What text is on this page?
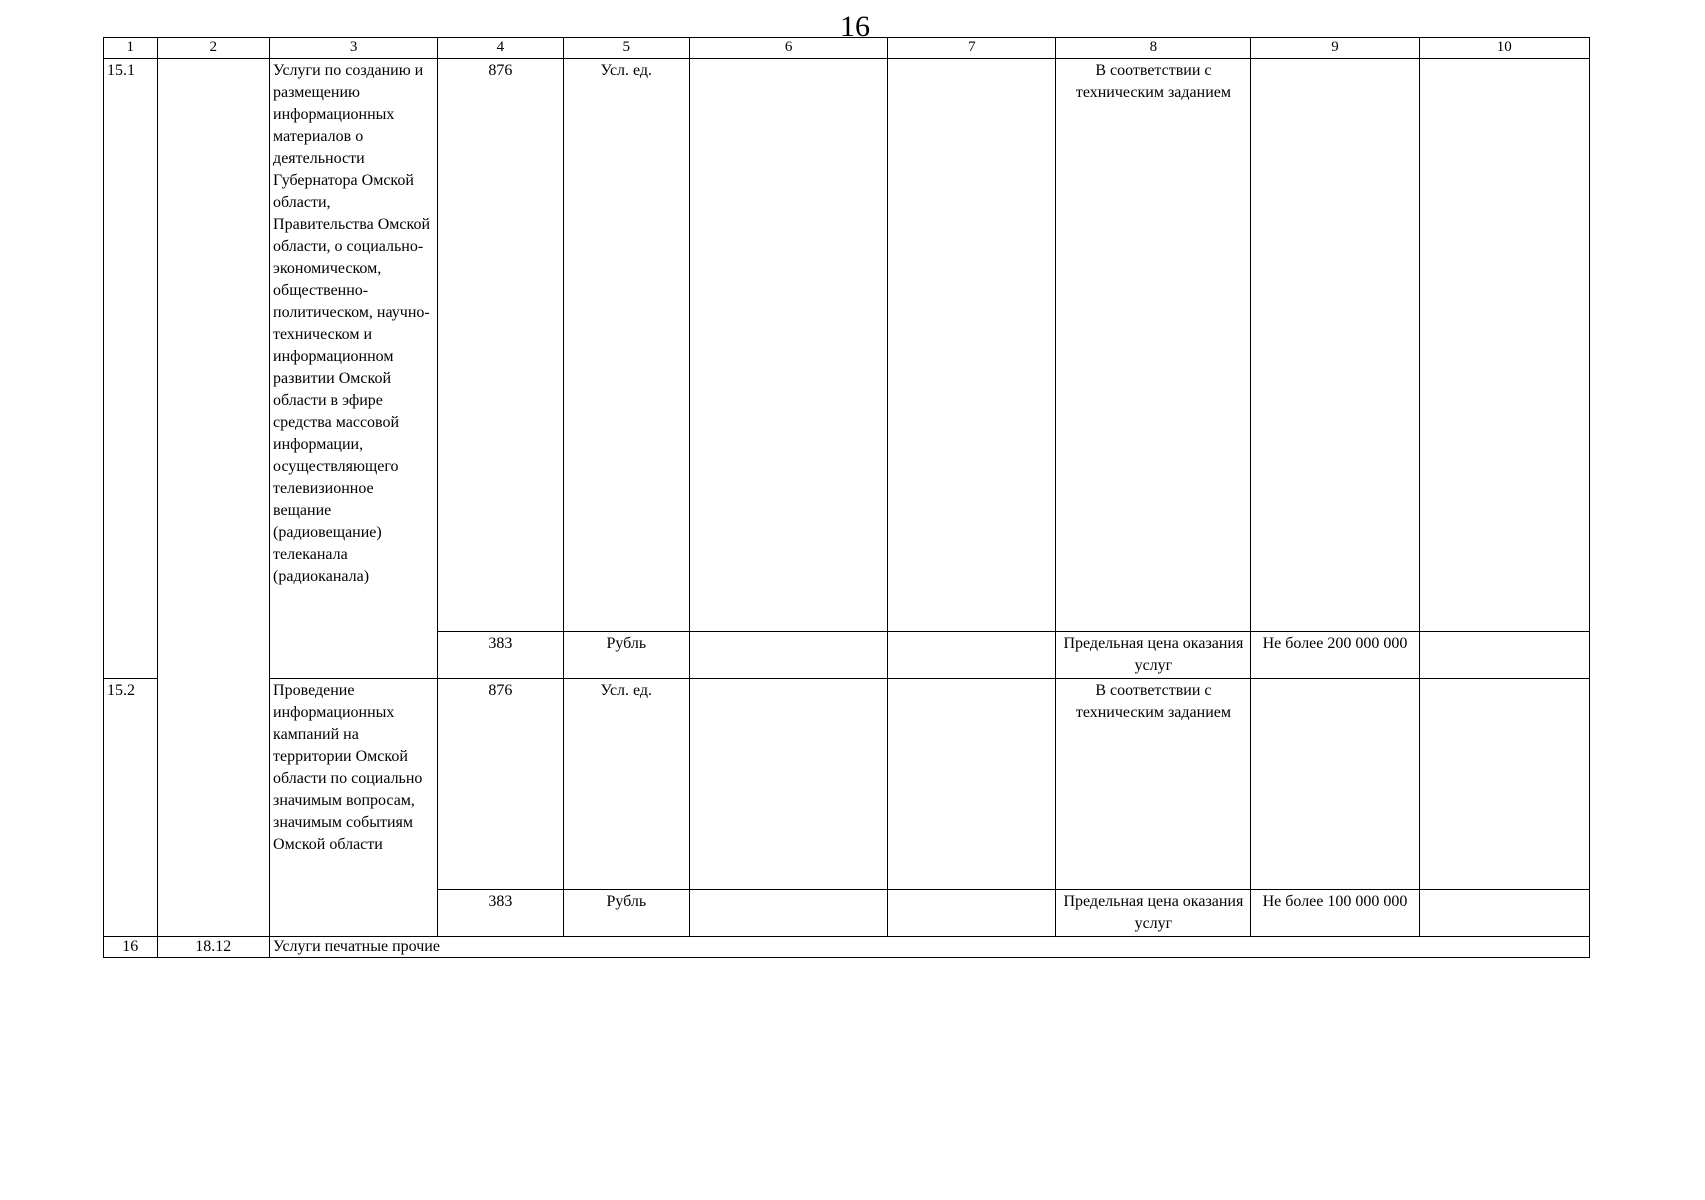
16
1	2	3	4	5	6	7	8	9	10
15.1		Услуги по созданию и размещению информационных материалов о деятельности Губернатора Омской области, Правительства Омской области, о социально-экономическом, общественно-политическом, научно-техническом и информационном развитии Омской области в эфире средства массовой информации, осуществляющего телевизионное вещание (радиовещание) телеканала (радиоканала)	876	Усл. ед.			В соответствии с техническим заданием		
			383	Рубль			Предельная цена оказания услуг	Не более 200 000 000	
15.2		Проведение информационных кампаний на территории Омской области по социально значимым вопросам, значимым событиям Омской области	876	Усл. ед.			В соответствии с техническим заданием		
			383	Рубль			Предельная цена оказания услуг	Не более 100 000 000	
16	18.12	Услуги печатные прочие							
